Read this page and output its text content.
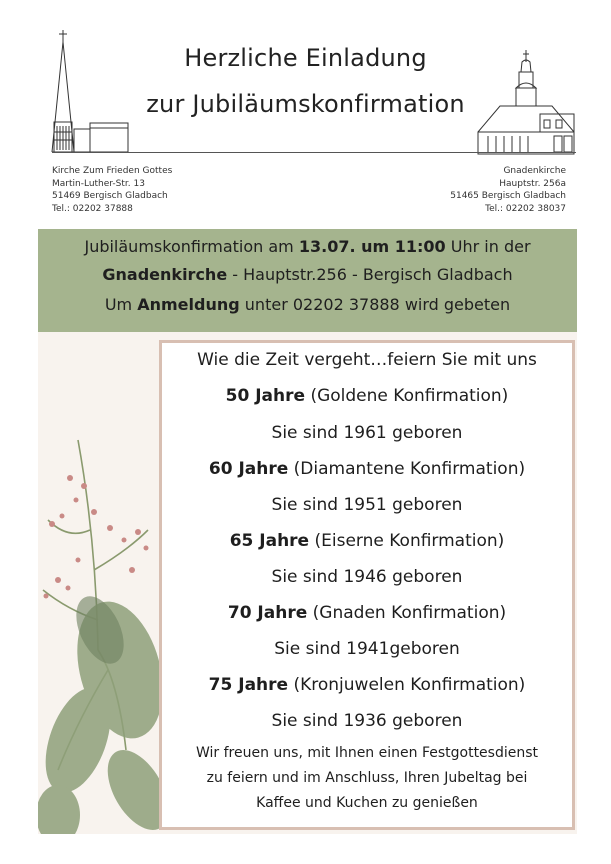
Herzliche Einladung
zur Jubiläumskonfirmation
Kirche Zum Frieden Gottes
Martin-Luther-Str. 13
51469 Bergisch Gladbach
Tel.: 02202 37888
Gnadenkirche
Hauptstr. 256a
51465 Bergisch Gladbach
Tel.: 02202 38037
Jubiläumskonfirmation am 13.07. um 11:00 Uhr in der
Gnadenkirche - Hauptstr.256 - Bergisch Gladbach
Um Anmeldung unter 02202 37888 wird gebeten
Wie die Zeit vergeht…feiern Sie mit uns
50 Jahre (Goldene Konfirmation)
Sie sind 1961 geboren
60 Jahre (Diamantene Konfirmation)
Sie sind 1951 geboren
65 Jahre (Eiserne Konfirmation)
Sie sind 1946 geboren
70 Jahre (Gnaden Konfirmation)
Sie sind 1941geboren
75 Jahre (Kronjuwelen Konfirmation)
Sie sind 1936 geboren
Wir freuen uns, mit Ihnen einen Festgottesdienst
zu feiern und im Anschluss, Ihren Jubeltag bei
Kaffee und Kuchen zu genießen
